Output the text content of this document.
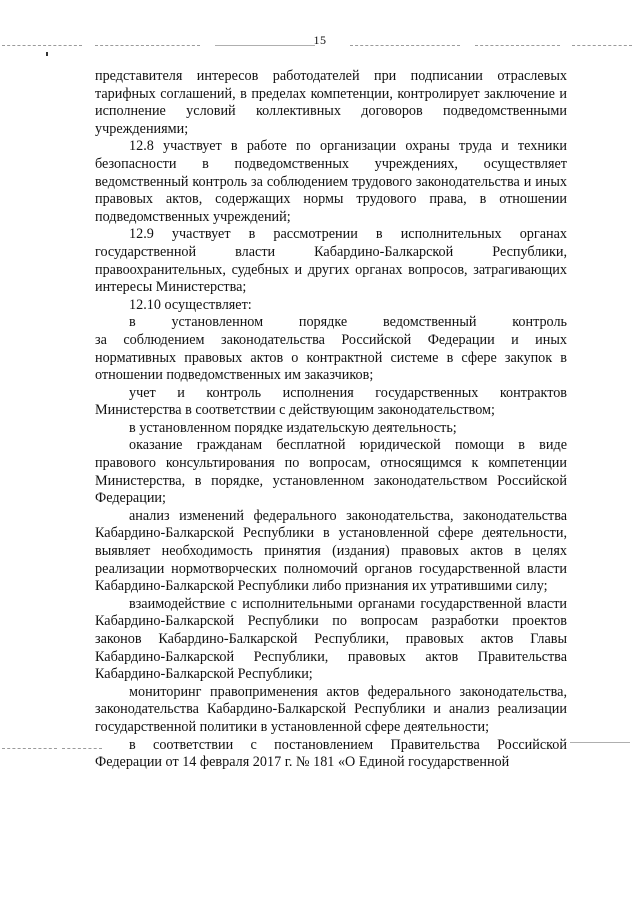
15

представителя интересов работодателей при подписании отраслевых тарифных соглашений, в пределах компетенции, контролирует заключение и исполнение условий коллективных договоров подведомственными учреждениями;

12.8 участвует в работе по организации охраны труда и техники безопасности в подведомственных учреждениях, осуществляет ведомственный контроль за соблюдением трудового законодательства и иных правовых актов, содержащих нормы трудового права, в отношении подведомственных учреждений;

12.9 участвует в рассмотрении в исполнительных органах государственной власти Кабардино-Балкарской Республики, правоохранительных, судебных и других органах вопросов, затрагивающих интересы Министерства;

12.10 осуществляет:

в установленном порядке ведомственный контроль

за соблюдением законодательства Российской Федерации и иных нормативных правовых актов о контрактной системе в сфере закупок в отношении подведомственных им заказчиков;

учет и контроль исполнения государственных контрактов Министерства в соответствии с действующим законодательством;

в установленном порядке издательскую деятельность;

оказание гражданам бесплатной юридической помощи в виде правового консультирования по вопросам, относящимся к компетенции Министерства, в порядке, установленном законодательством Российской Федерации;

анализ изменений федерального законодательства, законодательства Кабардино-Балкарской Республики в установленной сфере деятельности, выявляет необходимость принятия (издания) правовых актов в целях реализации нормотворческих полномочий органов государственной власти Кабардино-Балкарской Республики либо признания их утратившими силу;

взаимодействие с исполнительными органами государственной власти Кабардино-Балкарской Республики по вопросам разработки проектов законов Кабардино-Балкарской Республики, правовых актов Главы Кабардино-Балкарской Республики, правовых актов Правительства Кабардино-Балкарской Республики;

мониторинг правоприменения актов федерального законодательства, законодательства Кабардино-Балкарской Республики и анализ реализации государственной политики в установленной сфере деятельности;

в соответствии с постановлением Правительства Российской Федерации от 14 февраля 2017 г. № 181 «О Единой государственной
